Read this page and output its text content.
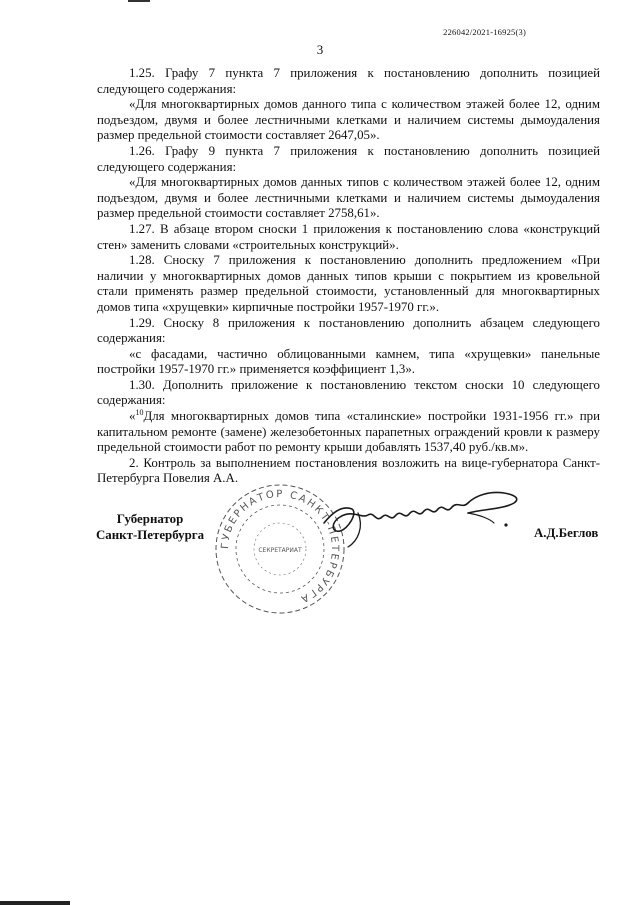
226042/2021-16925(3)
3

1.25. Графу 7 пункта 7 приложения к постановлению дополнить позицией следующего содержания:

«Для многоквартирных домов данного типа с количеством этажей более 12, одним подъездом, двумя и более лестничными клетками и наличием системы дымоудаления размер предельной стоимости составляет 2647,05».

1.26. Графу 9 пункта 7 приложения к постановлению дополнить позицией следующего содержания:

«Для многоквартирных домов данных типов с количеством этажей более 12, одним подъездом, двумя и более лестничными клетками и наличием системы дымоудаления размер предельной стоимости составляет 2758,61».

1.27. В абзаце втором сноски 1 приложения к постановлению слова «конструкций стен» заменить словами «строительных конструкций».

1.28. Сноску 7 приложения к постановлению дополнить предложением «При наличии у многоквартирных домов данных типов крыши с покрытием из кровельной стали применять размер предельной стоимости, установленный для многоквартирных домов типа «хрущевки» кирпичные постройки 1957-1970 гг.».

1.29. Сноску 8 приложения к постановлению дополнить абзацем следующего содержания:

«с фасадами, частично облицованными камнем, типа «хрущевки» панельные постройки 1957-1970 гг.» применяется коэффициент 1,3».

1.30. Дополнить приложение к постановлению текстом сноски 10 следующего содержания:

«$^{10}$Для многоквартирных домов типа «сталинские» постройки 1931-1956 гг.» при капитальном ремонте (замене) железобетонных парапетных ограждений кровли к размеру предельной стоимости работ по ремонту крыши добавлять 1537,40 руб./кв.м».

2. Контроль за выполнением постановления возложить на вице-губернатора Санкт-Петербурга Повелия А.А.

Губернатор
Санкт-Петербурга
ГУБЕРНАТОР САНКТ-ПЕТЕРБУРГА
СЕКРЕТАРИАТ
А.Д.Беглов
